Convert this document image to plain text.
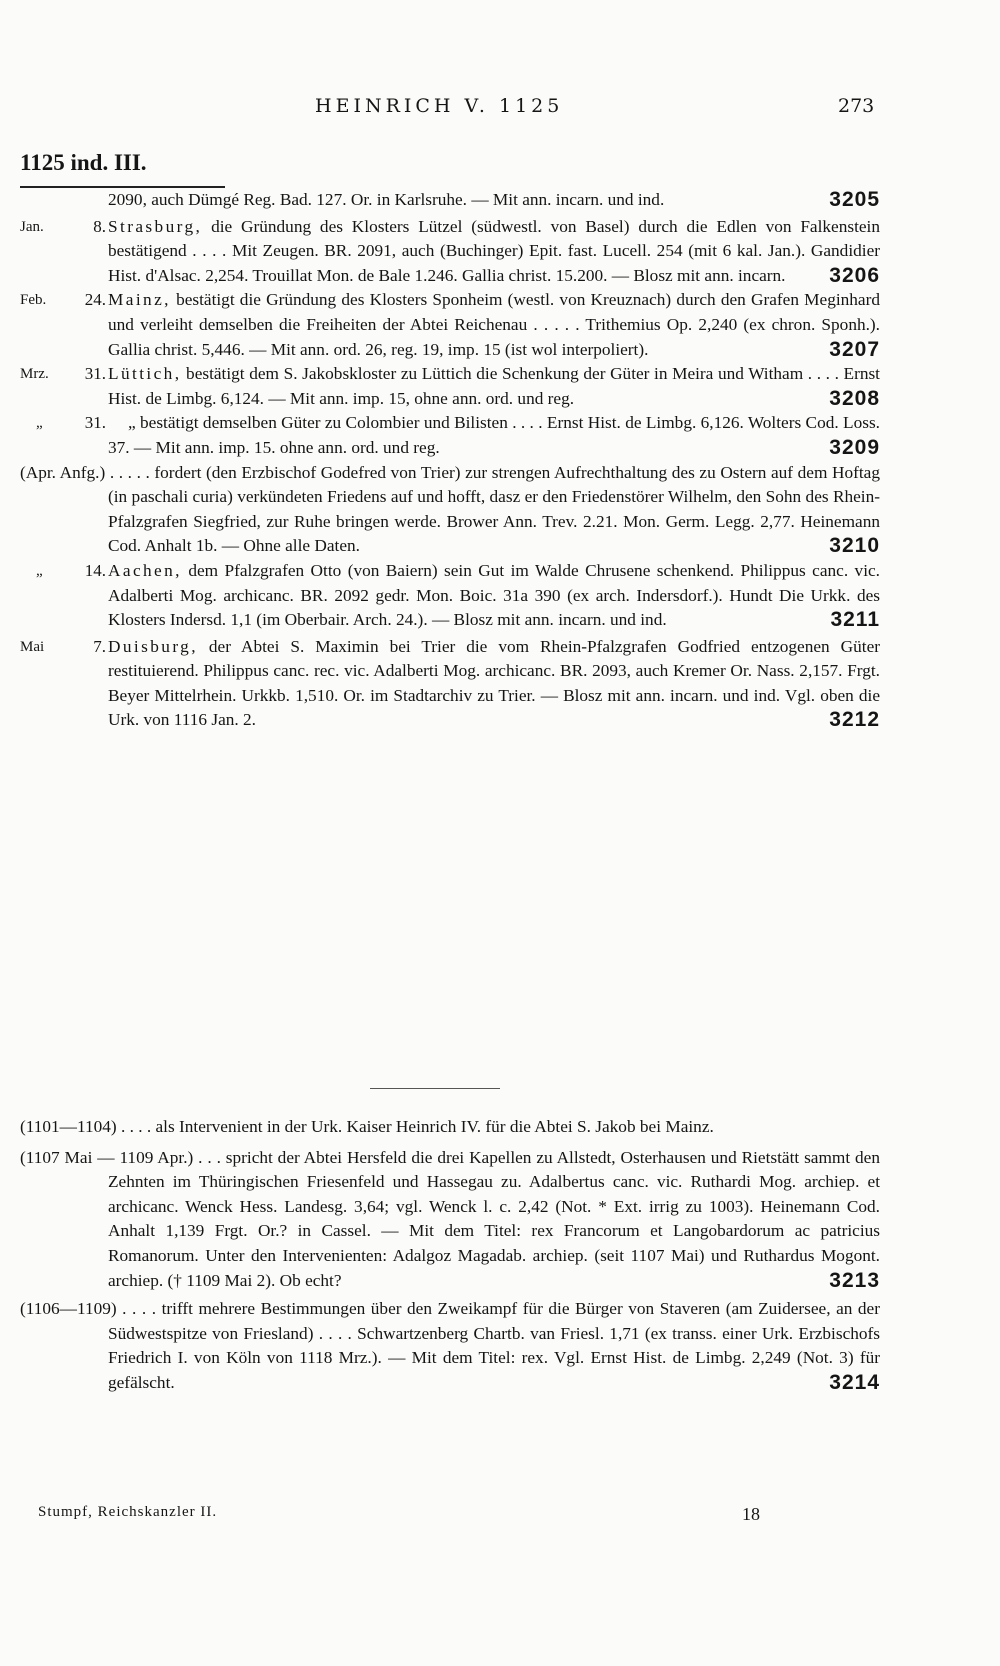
HEINRICH V. 1125	273
1125 ind. III.
2090, auch Dümgé Reg. Bad. 127. Or. in Karlsruhe. — Mit ann. incarn. und ind.	3205
Jan.	8. Strasburg, die Gründung des Klosters Lützel (südwestl. von Basel) durch die Edlen von Falkenstein bestätigend . . . . Mit Zeugen. BR. 2091, auch (Buchinger) Epit. fast. Lucell. 254 (mit 6 kal. Jan.). Gandidier Hist. d'Alsac. 2,254. Trouillat Mon. de Bale 1.246. Gallia christ. 15.200. — Blosz mit ann. incarn. 3206
Feb. 24. Mainz, bestätigt die Gründung des Klosters Sponheim (westl. von Kreuznach) durch den Grafen Meginhard und verleiht demselben die Freiheiten der Abtei Reichenau . . . . . Trithemius Op. 2,240 (ex chron. Sponh.). Gallia christ. 5,446. — Mit ann. ord. 26, reg. 19, imp. 15 (ist wol interpoliert).	3207
Mrz. 31. Lüttich, bestätigt dem S. Jakobskloster zu Lüttich die Schenkung der Güter in Meira und Witham . . . . Ernst Hist. de Limbg. 6,124. — Mit ann. imp. 15, ohne ann. ord. und reg.	3208
„ 31. „ bestätigt demselben Güter zu Colombier und Bilisten . . . . Ernst Hist. de Limbg. 6,126. Wolters Cod. Loss. 37. — Mit ann. imp. 15. ohne ann. ord. und reg.	3209
(Apr. Anfg.) . . . . . fordert (den Erzbischof Godefred von Trier) zur strengen Aufrechthaltung des zu Ostern auf dem Hoftag (in paschali curia) verkündeten Friedens auf und hofft, dasz er den Friedenstörer Wilhelm, den Sohn des Rhein-Pfalzgrafen Siegfried, zur Ruhe bringen werde. Brower Ann. Trev. 2.21. Mon. Germ. Legg. 2,77. Heinemann Cod. Anhalt 1b. — Ohne alle Daten.	3210
„ 14. Aachen, dem Pfalzgrafen Otto (von Baiern) sein Gut im Walde Chrusene schenkend. Philippus canc. vic. Adalberti Mog. archicanc. BR. 2092 gedr. Mon. Boic. 31a 390 (ex arch. Indersdorf.). Hundt Die Urkk. des Klosters Indersd. 1,1 (im Oberbair. Arch. 24.). — Blosz mit ann. incarn. und ind.	3211
Mai	7. Duisburg, der Abtei S. Maximin bei Trier die vom Rhein-Pfalzgrafen Godfried entzogenen Güter restituierend. Philippus canc. rec. vic. Adalberti Mog. archicanc. BR. 2093, auch Kremer Or. Nass. 2,157. Frgt. Beyer Mittelrhein. Urkkb. 1,510. Or. im Stadtarchiv zu Trier. — Blosz mit ann. incarn. und ind. Vgl. oben die Urk. von 1116 Jan. 2.	3212
(1101—1104) . . . . als Intervenient in der Urk. Kaiser Heinrich IV. für die Abtei S. Jakob bei Mainz.
(1107 Mai — 1109 Apr.) . . . spricht der Abtei Hersfeld die drei Kapellen zu Allstedt, Osterhausen und Rietstätt sammt den Zehnten im Thüringischen Friesenfeld und Hassegau zu. Adalbertus canc. vic. Ruthardi Mog. archiep. et archicanc. Wenck Hess. Landesg. 3,64; vgl. Wenck l. c. 2,42 (Not. * Ext. irrig zu 1003). Heinemann Cod. Anhalt 1,139 Frgt. Or.? in Cassel. — Mit dem Titel: rex Francorum et Langobardorum ac patricius Romanorum. Unter den Intervenienten: Adalgoz Magadab. archiep. (seit 1107 Mai) und Ruthardus Mogont. archiep. († 1109 Mai 2). Ob echt?	3213
(1106—1109) . . . . trifft mehrere Bestimmungen über den Zweikampf für die Bürger von Staveren (am Zuidersee, an der Südwestspitze von Friesland) . . . . Schwartzenberg Chartb. van Friesl. 1,71 (ex transs. einer Urk. Erzbischofs Friedrich I. von Köln von 1118 Mrz.). — Mit dem Titel: rex. Vgl. Ernst Hist. de Limbg. 2,249 (Not. 3) für gefälscht.	3214
Stumpf, Reichskanzler II.	18
